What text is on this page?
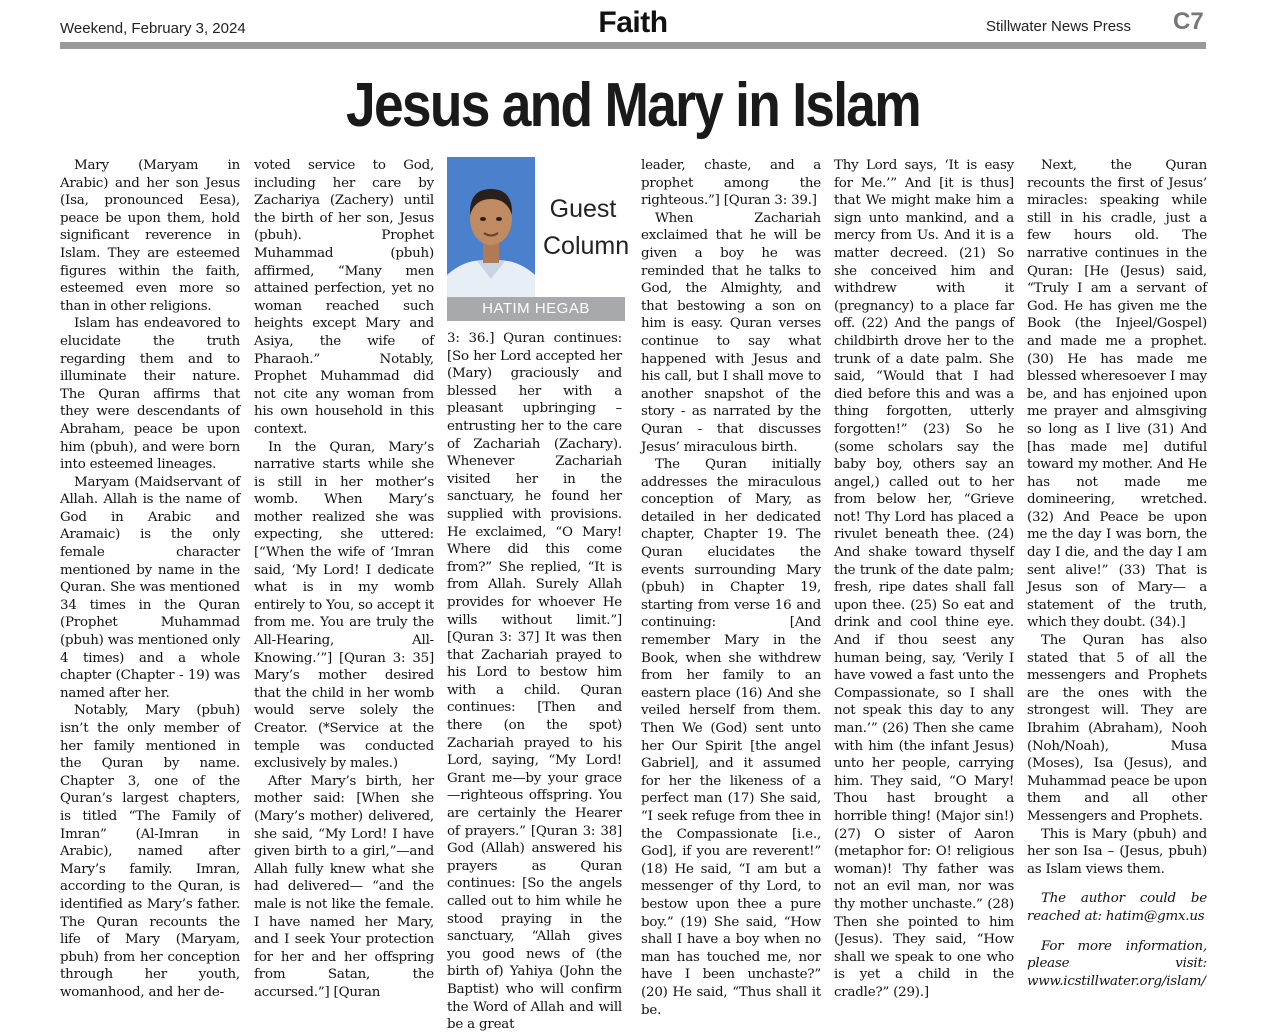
Weekend, February 3, 2024	Faith	Stillwater News Press C7
Jesus and Mary in Islam

Mary (Maryam in Arabic) and her son Jesus (Isa, pronounced Eesa), peace be upon them, hold significant reverence in Islam. They are esteemed figures within the faith, esteemed even more so than in other religions.

Islam has endeavored to elucidate the truth regarding them and to illuminate their nature. The Quran affirms that they were descendants of Abraham, peace be upon him (pbuh), and were born into esteemed lineages.

Maryam (Maidservant of Allah. Allah is the name of God in Arabic and Aramaic) is the only female character mentioned by name in the Quran. She was mentioned 34 times in the Quran (Prophet Muhammad (pbuh) was mentioned only 4 times) and a whole chapter (Chapter - 19) was named after her.

Notably, Mary (pbuh) isn’t the only member of her family mentioned in the Quran by name. Chapter 3, one of the Quran’s largest chapters, is titled “The Family of Imran” (Al-Imran in Arabic), named after Mary’s family. Imran, according to the Quran, is identified as Mary’s father. The Quran recounts the life of Mary (Maryam, pbuh) from her conception through her youth, womanhood, and her de-

voted service to God, including her care by Zachariya (Zachery) until the birth of her son, Jesus (pbuh). Prophet Muhammad (pbuh) affirmed, “Many men attained perfection, yet no woman reached such heights except Mary and Asiya, the wife of Pharaoh.” Notably, Prophet Muhammad did not cite any woman from his own household in this context.

In the Quran, Mary’s narrative starts while she is still in her mother’s womb. When Mary’s mother realized she was expecting, she uttered: [“When the wife of ‘Imran said, ‘My Lord! I dedicate what is in my womb entirely to You, so accept it from me. You are truly the All-Hearing, All-Knowing.’”] [Quran 3: 35] Mary’s mother desired that the child in her womb would serve solely the Creator. (*Service at the temple was conducted exclusively by males.)

After Mary’s birth, her mother said: [When she (Mary’s mother) delivered, she said, “My Lord! I have given birth to a girl,”—and Allah fully knew what she had delivered— “and the male is not like the female. I have named her Mary, and I seek Your protection for her and her offspring from Satan, the accursed.”] [Quran

Guest
Column
HATIM HEGAB

3: 36.] Quran continues: [So her Lord accepted her (Mary) graciously and blessed her with a pleasant upbringing – entrusting her to the care of Zachariah (Zachary). Whenever Zachariah visited her in the sanctuary, he found her supplied with provisions. He exclaimed, “O Mary! Where did this come from?” She replied, “It is from Allah. Surely Allah provides for whoever He wills without limit.”] [Quran 3: 37] It was then that Zachariah prayed to his Lord to bestow him with a child. Quran continues: [Then and there (on the spot) Zachariah prayed to his Lord, saying, “My Lord! Grant me—by your grace—righteous offspring. You are certainly the Hearer of prayers.” [Quran 3: 38] God (Allah) answered his prayers as Quran continues: [So the angels called out to him while he stood praying in the sanctuary, “Allah gives you good news of (the birth of) Yahiya (John the Baptist) who will confirm the Word of Allah and will be a great

leader, chaste, and a prophet among the righteous.”] [Quran 3: 39.]

When Zachariah exclaimed that he will be given a boy he was reminded that he talks to God, the Almighty, and that bestowing a son on him is easy. Quran verses continue to say what happened with Jesus and his call, but I shall move to another snapshot of the story - as narrated by the Quran - that discusses Jesus’ miraculous birth.

The Quran initially addresses the miraculous conception of Mary, as detailed in her dedicated chapter, Chapter 19. The Quran elucidates the events surrounding Mary (pbuh) in Chapter 19, starting from verse 16 and continuing: [And remember Mary in the Book, when she withdrew from her family to an eastern place (16) And she veiled herself from them. Then We (God) sent unto her Our Spirit [the angel Gabriel], and it assumed for her the likeness of a perfect man (17) She said, “I seek refuge from thee in the Compassionate [i.e., God], if you are reverent!” (18) He said, “I am but a messenger of thy Lord, to bestow upon thee a pure boy.” (19) She said, “How shall I have a boy when no man has touched me, nor have I been unchaste?” (20) He said, “Thus shall it be.

Thy Lord says, ‘It is easy for Me.’” And [it is thus] that We might make him a sign unto mankind, and a mercy from Us. And it is a matter decreed. (21) So she conceived him and withdrew with it (pregnancy) to a place far off. (22) And the pangs of childbirth drove her to the trunk of a date palm. She said, “Would that I had died before this and was a thing forgotten, utterly forgotten!” (23) So he (some scholars say the baby boy, others say an angel,) called out to her from below her, “Grieve not! Thy Lord has placed a rivulet beneath thee. (24) And shake toward thyself the trunk of the date palm; fresh, ripe dates shall fall upon thee. (25) So eat and drink and cool thine eye. And if thou seest any human being, say, ‘Verily I have vowed a fast unto the Compassionate, so I shall not speak this day to any man.’” (26) Then she came with him (the infant Jesus) unto her people, carrying him. They said, “O Mary! Thou hast brought a horrible thing! (Major sin!) (27) O sister of Aaron (metaphor for: O! religious woman)! Thy father was not an evil man, nor was thy mother unchaste.” (28) Then she pointed to him (Jesus). They said, “How shall we speak to one who is yet a child in the cradle?” (29).]

Next, the Quran recounts the first of Jesus’ miracles: speaking while still in his cradle, just a few hours old. The narrative continues in the Quran: [He (Jesus) said, “Truly I am a servant of God. He has given me the Book (the Injeel/Gospel) and made me a prophet. (30) He has made me blessed wheresoever I may be, and has enjoined upon me prayer and almsgiving so long as I live (31) And [has made me] dutiful toward my mother. And He has not made me domineering, wretched. (32) And Peace be upon me the day I was born, the day I die, and the day I am sent alive!” (33) That is Jesus son of Mary— a statement of the truth, which they doubt. (34).]

The Quran has also stated that 5 of all the messengers and Prophets are the ones with the strongest will. They are Ibrahim (Abraham), Nooh (Noh/Noah), Musa (Moses), Isa (Jesus), and Muhammad peace be upon them and all other Messengers and Prophets.

This is Mary (pbuh) and her son Isa – (Jesus, pbuh) as Islam views them.

The author could be reached at: hatim@gmx.us

For more information, please visit: www.icstillwater.org/islam/
